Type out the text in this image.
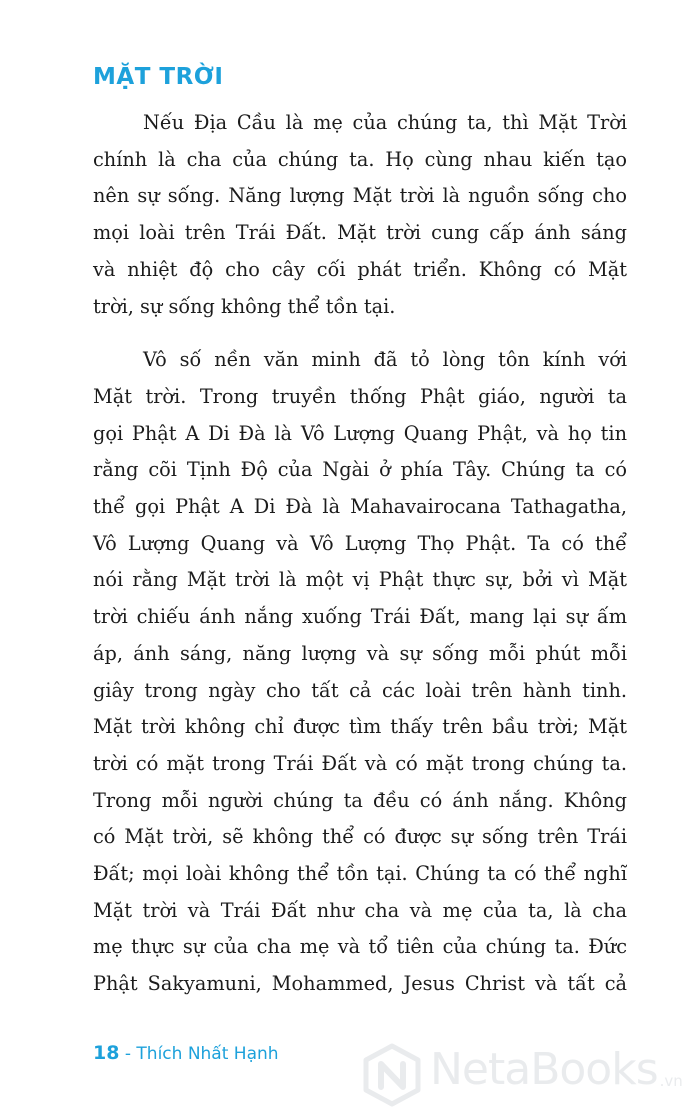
MẶT TRỜI

Nếu Địa Cầu là mẹ của chúng ta, thì Mặt Trời
chính là cha của chúng ta. Họ cùng nhau kiến tạo
nên sự sống. Năng lượng Mặt trời là nguồn sống cho
mọi loài trên Trái Đất. Mặt trời cung cấp ánh sáng
và nhiệt độ cho cây cối phát triển. Không có Mặt
trời, sự sống không thể tồn tại.

Vô số nền văn minh đã tỏ lòng tôn kính với
Mặt trời. Trong truyền thống Phật giáo, người ta
gọi Phật A Di Đà là Vô Lượng Quang Phật, và họ tin
rằng cõi Tịnh Độ của Ngài ở phía Tây. Chúng ta có
thể gọi Phật A Di Đà là Mahavairocana Tathagatha,
Vô Lượng Quang và Vô Lượng Thọ Phật. Ta có thể
nói rằng Mặt trời là một vị Phật thực sự, bởi vì Mặt
trời chiếu ánh nắng xuống Trái Đất, mang lại sự ấm
áp, ánh sáng, năng lượng và sự sống mỗi phút mỗi
giây trong ngày cho tất cả các loài trên hành tinh.
Mặt trời không chỉ được tìm thấy trên bầu trời; Mặt
trời có mặt trong Trái Đất và có mặt trong chúng ta.
Trong mỗi người chúng ta đều có ánh nắng. Không
có Mặt trời, sẽ không thể có được sự sống trên Trái
Đất; mọi loài không thể tồn tại. Chúng ta có thể nghĩ
Mặt trời và Trái Đất như cha và mẹ của ta, là cha
mẹ thực sự của cha mẹ và tổ tiên của chúng ta. Đức
Phật Sakyamuni, Mohammed, Jesus Christ và tất cả

18 - Thích Nhất Hạnh	NetaBooks .vn
